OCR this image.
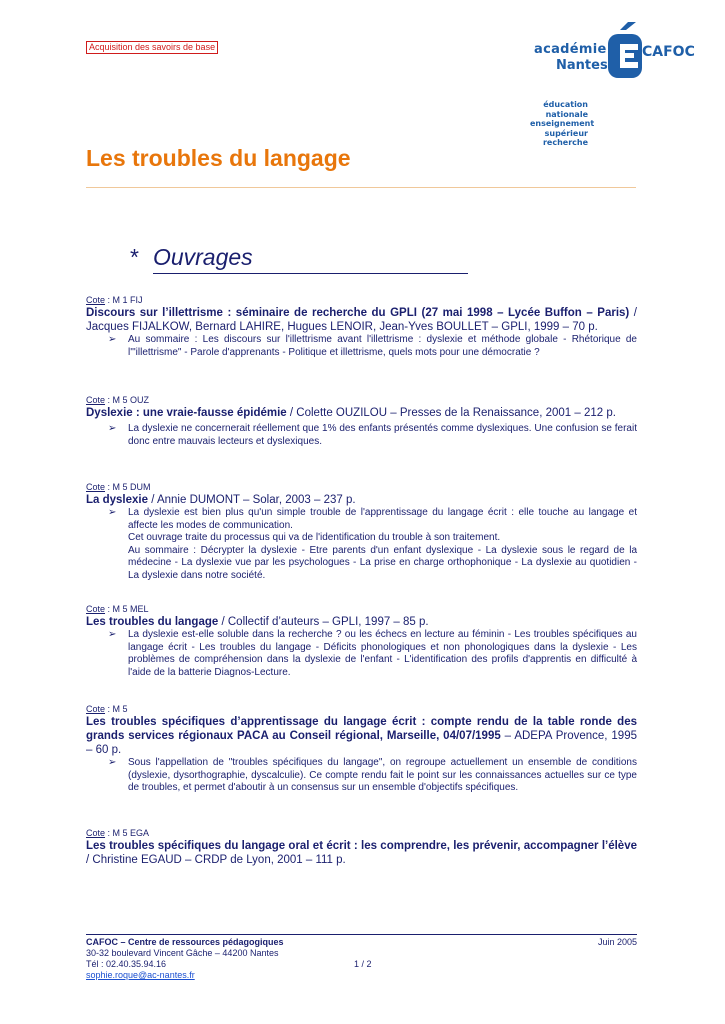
Acquisition des savoirs de base	académie
Nantes
CAFOC
éducation
nationale
enseignement
supérieur
recherche
Les troubles du langage
* Ouvrages
Cote : M 1 FIJ
Discours sur l’illettrisme : séminaire de recherche du GPLI (27 mai 1998 – Lycée Buffon – Paris) / Jacques FIJALKOW, Bernard LAHIRE, Hugues LENOIR, Jean-Yves BOULLET – GPLI, 1999 – 70 p.
➢ Au sommaire : Les discours sur l'illettrisme avant l'illettrisme : dyslexie et méthode globale - Rhétorique de l'"illettrisme" - Parole d'apprenants - Politique et illettrisme, quels mots pour une démocratie ?
Cote : M 5 OUZ
Dyslexie : une vraie-fausse épidémie / Colette OUZILOU – Presses de la Renaissance, 2001 – 212 p.
➢ La dyslexie ne concernerait réellement que 1% des enfants présentés comme dyslexiques. Une confusion se ferait donc entre mauvais lecteurs et dyslexiques.
Cote : M 5 DUM
La dyslexie / Annie DUMONT – Solar, 2003 – 237 p.
➢ La dyslexie est bien plus qu'un simple trouble de l'apprentissage du langage écrit : elle touche au langage et affecte les modes de communication.
Cet ouvrage traite du processus qui va de l'identification du trouble à son traitement.
Au sommaire : Décrypter la dyslexie - Etre parents d'un enfant dyslexique - La dyslexie sous le regard de la médecine - La dyslexie vue par les psychologues - La prise en charge orthophonique - La dyslexie au quotidien - La dyslexie dans notre société.
Cote : M 5 MEL
Les troubles du langage / Collectif d’auteurs – GPLI, 1997 – 85 p.
➢ La dyslexie est-elle soluble dans la recherche ? ou les échecs en lecture au féminin - Les troubles spécifiques au langage écrit - Les troubles du langage - Déficits phonologiques et non phonologiques dans la dyslexie - Les problèmes de compréhension dans la dyslexie de l'enfant - L'identification des profils d'apprentis en difficulté à l'aide de la batterie Diagnos-Lecture.
Cote : M 5
Les troubles spécifiques d’apprentissage du langage écrit : compte rendu de la table ronde des grands services régionaux PACA au Conseil régional, Marseille, 04/07/1995 – ADEPA Provence, 1995 – 60 p.
➢ Sous l'appellation de "troubles spécifiques du langage", on regroupe actuellement un ensemble de conditions (dyslexie, dysorthographie, dyscalculie). Ce compte rendu fait le point sur les connaissances actuelles sur ce type de troubles, et permet d'aboutir à un consensus sur un ensemble d'objectifs spécifiques.
Cote : M 5 EGA
Les troubles spécifiques du langage oral et écrit : les comprendre, les prévenir, accompagner l’élève / Christine EGAUD – CRDP de Lyon, 2001 – 111 p.
CAFOC – Centre de ressources pédagogiques	Juin 2005
30-32 boulevard Vincent Gâche – 44200 Nantes
Tél : 02.40.35.94.16	1 / 2
sophie.roque@ac-nantes.fr
